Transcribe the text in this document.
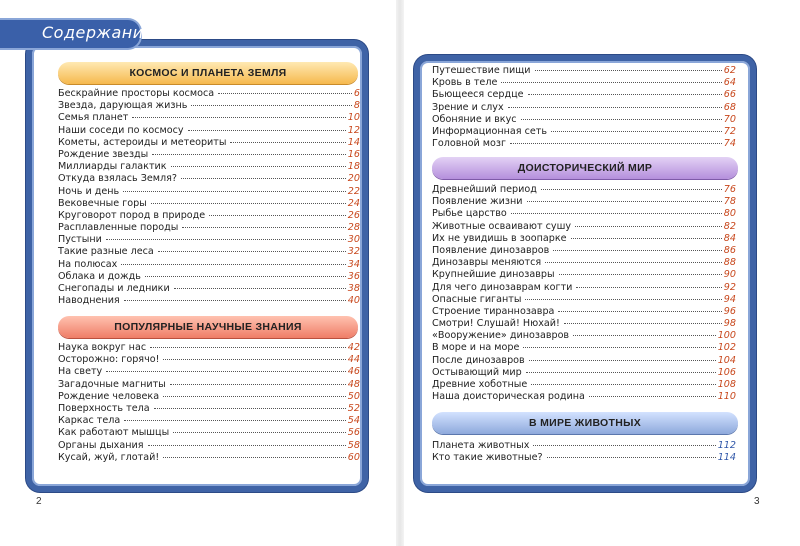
Содержание
КОСМОС И ПЛАНЕТА ЗЕМЛЯ
Бескрайние просторы космоса	6
Звезда, дарующая жизнь	8
Семья планет	10
Наши соседи по космосу	12
Кометы, астероиды и метеориты	14
Рождение звезды	16
Миллиарды галактик	18
Откуда взялась Земля?	20
Ночь и день	22
Вековечные горы	24
Круговорот пород в природе	26
Расплавленные породы	28
Пустыни	30
Такие разные леса	32
На полюсах	34
Облака и дождь	36
Снегопады и ледники	38
Наводнения	40
ПОПУЛЯРНЫЕ НАУЧНЫЕ ЗНАНИЯ
Наука вокруг нас	42
Осторожно: горячо!	44
На свету	46
Загадочные магниты	48
Рождение человека	50
Поверхность тела	52
Каркас тела	54
Как работают мышцы	56
Органы дыхания	58
Кусай, жуй, глотай!	60
2
Путешествие пищи	62
Кровь в теле	64
Бьющееся сердце	66
Зрение и слух	68
Обоняние и вкус	70
Информационная сеть	72
Головной мозг	74
ДОИСТОРИЧЕСКИЙ МИР
Древнейший период	76
Появление жизни	78
Рыбье царство	80
Животные осваивают сушу	82
Их не увидишь в зоопарке	84
Появление динозавров	86
Динозавры меняются	88
Крупнейшие динозавры	90
Для чего динозаврам когти	92
Опасные гиганты	94
Строение тираннозавра	96
Смотри! Слушай! Нюхай!	98
«Вооружение» динозавров	100
В море и на море	102
После динозавров	104
Остывающий мир	106
Древние хоботные	108
Наша доисторическая родина	110
В МИРЕ ЖИВОТНЫХ
Планета животных	112
Кто такие животные?	114
3
